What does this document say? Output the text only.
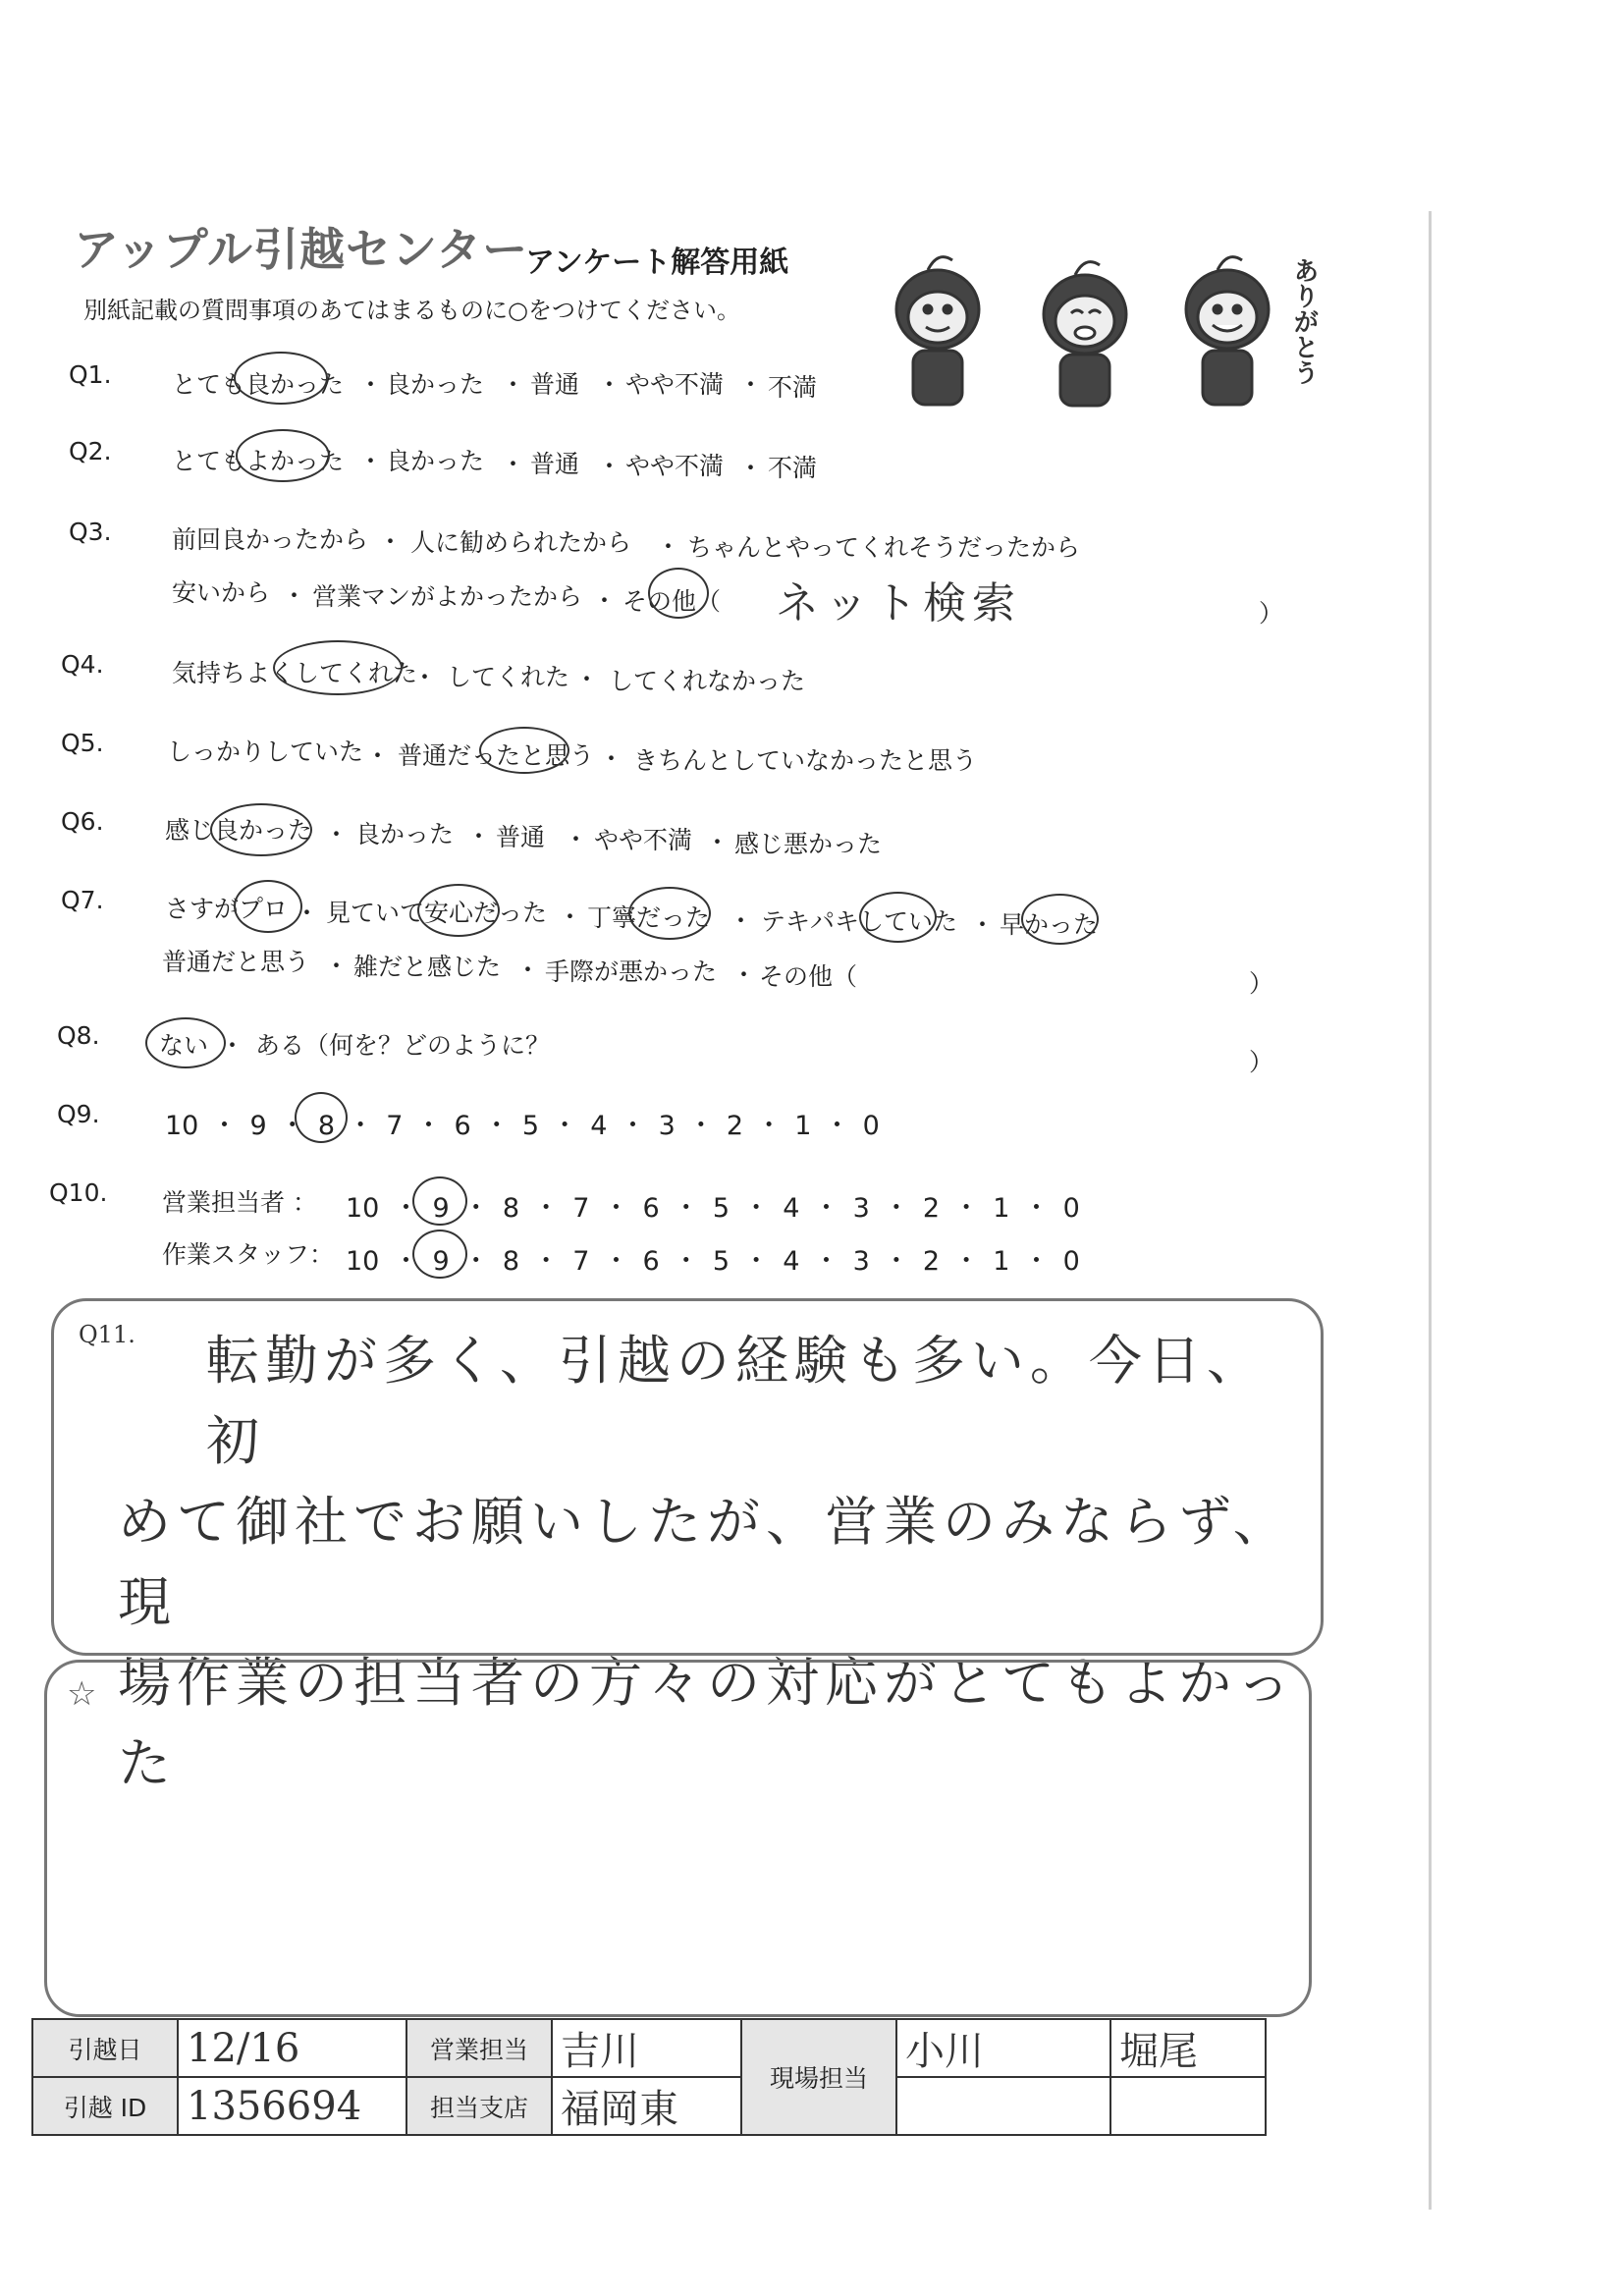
アップル引越センター
アンケート解答用紙
別紙記載の質問事項のあてはまるものに○をつけてください。	ありがとう
Q1. とても良かった ・ 良かった ・ 普通 ・ やや不満 ・ 不満
Q2. とてもよかった ・ 良かった ・ 普通 ・ やや不満 ・ 不満
Q3. 前回良かったから ・ 人に勧められたから ・ ちゃんとやってくれそうだったから
安いから ・ 営業マンがよかったから ・ その他（ ネット検索	）
Q4.	気持ちよくしてくれた
・ してくれた ・ してくれなかった
Q5.	しっかりしていた ・ 普通だったと思う ・ きちんとしていなかったと思う
Q6. 感じ良かった ・ 良かった ・ 普通 ・ やや不満 ・ 感じ悪かった
Q7. さすがプロ ・ 見ていて安心だった ・ 丁寧だった ・ テキパキしていた ・ 早かった
普通だと思う ・ 雑だと感じた ・ 手際が悪かった ・ その他（	）
Q8. ない ・ ある（何を？どのように？
）
Q9. 10 ・ 9 ・ 8 ・ 7 ・ 6 ・ 5 ・ 4 ・ 3 ・ 2 ・ 1 ・ 0
Q10. 営業担当者 ： 10 ・ 9 ・ 8 ・ 7 ・ 6 ・ 5 ・ 4 ・ 3 ・ 2 ・ 1 ・ 0
作業スタッフ： 10 ・ 9 ・ 8 ・ 7 ・ 6 ・ 5 ・ 4 ・ 3 ・ 2 ・ 1 ・ 0
Q11.	転勤が多く、引越の経験も多い。今日、初
めて御社でお願いしたが、営業のみならず、現
場作業の担当者の方々の対応がとてもよかった
☆
引越日	12/16	営業担当	吉川	現場担当	小川	堀尾
引越 ID	1356694	担当支店	福岡東			
